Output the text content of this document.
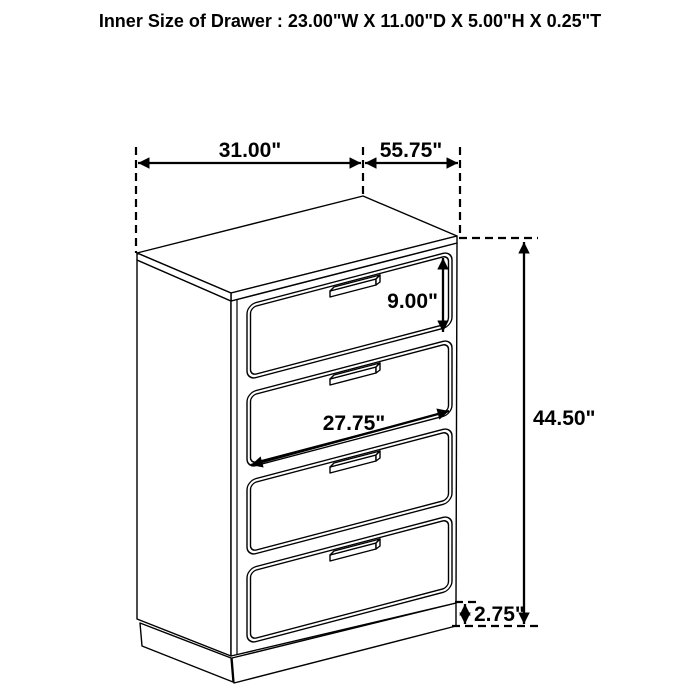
Inner Size of Drawer : 23.00"W X 11.00"D X 5.00"H X 0.25"T
31.00"	55.75"
9.00"
27.75"	44.50"
2.75"
